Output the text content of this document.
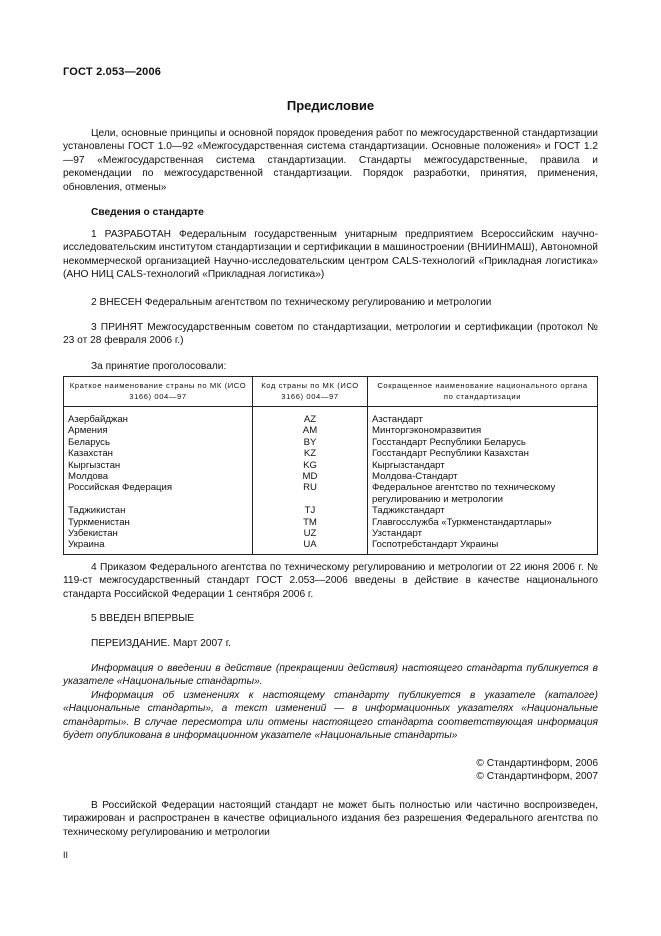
ГОСТ 2.053—2006
Предисловие

Цели, основные принципы и основной порядок проведения работ по межгосударственной стандартизации установлены ГОСТ 1.0—92 «Межгосударственная система стандартизации. Основные положения» и ГОСТ 1.2—97 «Межгосударственная система стандартизации. Стандарты межгосударственные, правила и рекомендации по межгосударственной стандартизации. Порядок разработки, принятия, применения, обновления, отмены»

Сведения о стандарте

1 РАЗРАБОТАН Федеральным государственным унитарным предприятием Всероссийским научно-исследовательским институтом стандартизации и сертификации в машиностроении (ВНИИНМАШ), Автономной некоммерческой организацией Научно-исследовательским центром CALS-технологий «Прикладная логистика» (АНО НИЦ CALS-технологий «Прикладная логистика»)

2 ВНЕСЕН Федеральным агентством по техническому регулированию и метрологии

3 ПРИНЯТ Межгосударственным советом по стандартизации, метрологии и сертификации (протокол № 23 от 28 февраля 2006 г.)

За принятие проголосовали:

Краткое наименование страны по МК (ИСО 3166) 004—97	Код страны по МК (ИСО 3166) 004—97	Сокращенное наименование национального органа по стандартизации
Азербайджан	AZ	Азстандарт
Армения	AM	Минторгэкономразвития
Беларусь	BY	Госстандарт Республики Беларусь
Казахстан	KZ	Госстандарт Республики Казахстан
Кыргызстан	KG	Кыргызстандарт
Молдова	MD	Молдова-Стандарт
Российская Федерация	RU	Федеральное агентство по техническому регулированию и метрологии
Таджикистан	TJ	Таджикстандарт
Туркменистан	TM	Главгосслужба «Туркменстандартлары»
Узбекистан	UZ	Узстандарт
Украина	UA	Госпотребстандарт Украины

4 Приказом Федерального агентства по техническому регулированию и метрологии от 22 июня 2006 г. № 119-ст межгосударственный стандарт ГОСТ 2.053—2006 введены в действие в качестве национального стандарта Российской Федерации 1 сентября 2006 г.

5 ВВЕДЕН ВПЕРВЫЕ

ПЕРЕИЗДАНИЕ. Март 2007 г.

Информация о введении в действие (прекращении действия) настоящего стандарта публикуется в указателе «Национальные стандарты».

Информация об изменениях к настоящему стандарту публикуется в указателе (каталоге) «Национальные стандарты», а текст изменений — в информационных указателях «Национальные стандарты». В случае пересмотра или отмены настоящего стандарта соответствующая информация будет опубликована в информационном указателе «Национальные стандарты»

© Стандартинформ, 2006

© Стандартинформ, 2007

В Российской Федерации настоящий стандарт не может быть полностью или частично воспроизведен, тиражирован и распространен в качестве официального издания без разрешения Федерального агентства по техническому регулированию и метрологии

II
